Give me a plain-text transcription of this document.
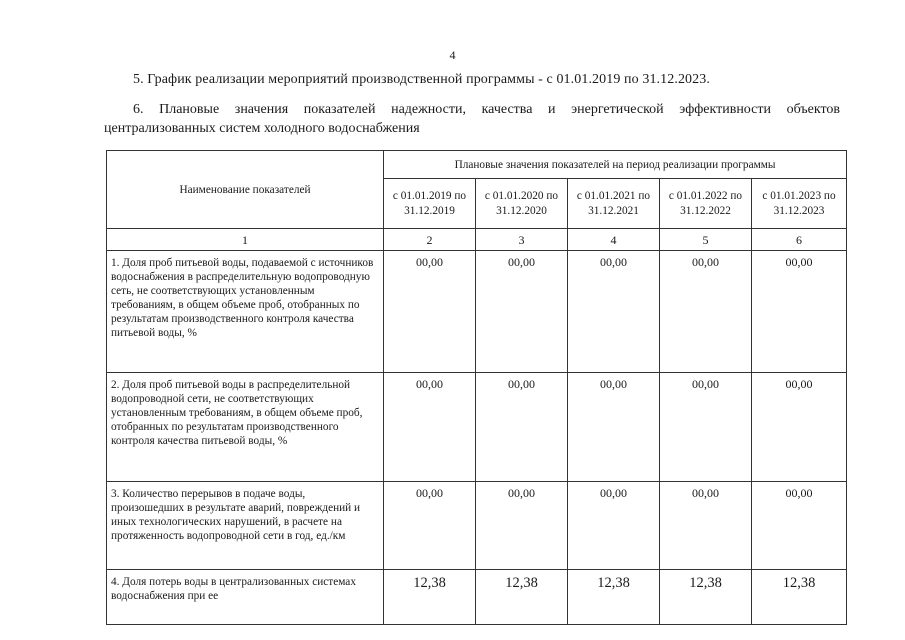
4
5. График реализации мероприятий производственной программы - с 01.01.2019 по 31.12.2023.
6. Плановые значения показателей надежности, качества и энергетической эффективности объектов централизованных систем холодного водоснабжения
Наименование показателей	Плановые значения показателей на период реализации программы				
	с 01.01.2019 по 31.12.2019	с 01.01.2020 по 31.12.2020	с 01.01.2021 по 31.12.2021	с 01.01.2022 по 31.12.2022	с 01.01.2023 по 31.12.2023
1	2	3	4	5	6
1. Доля проб питьевой воды, подаваемой с источников водоснабжения в распределительную водопроводную сеть, не соответствующих установленным требованиям, в общем объеме проб, отобранных по результатам производственного контроля качества питьевой воды, %	00,00	00,00	00,00	00,00	00,00
2. Доля проб питьевой воды в распределительной водопроводной сети, не соответствующих установленным требованиям, в общем объеме проб, отобранных по результатам производственного контроля качества питьевой воды, %	00,00	00,00	00,00	00,00	00,00
3. Количество перерывов в подаче воды, произошедших в результате аварий, повреждений и иных технологических нарушений, в расчете на протяженность водопроводной сети в год, ед./км	00,00	00,00	00,00	00,00	00,00
4. Доля потерь воды в централизованных системах водоснабжения при ее	12,38	12,38	12,38	12,38	12,38
